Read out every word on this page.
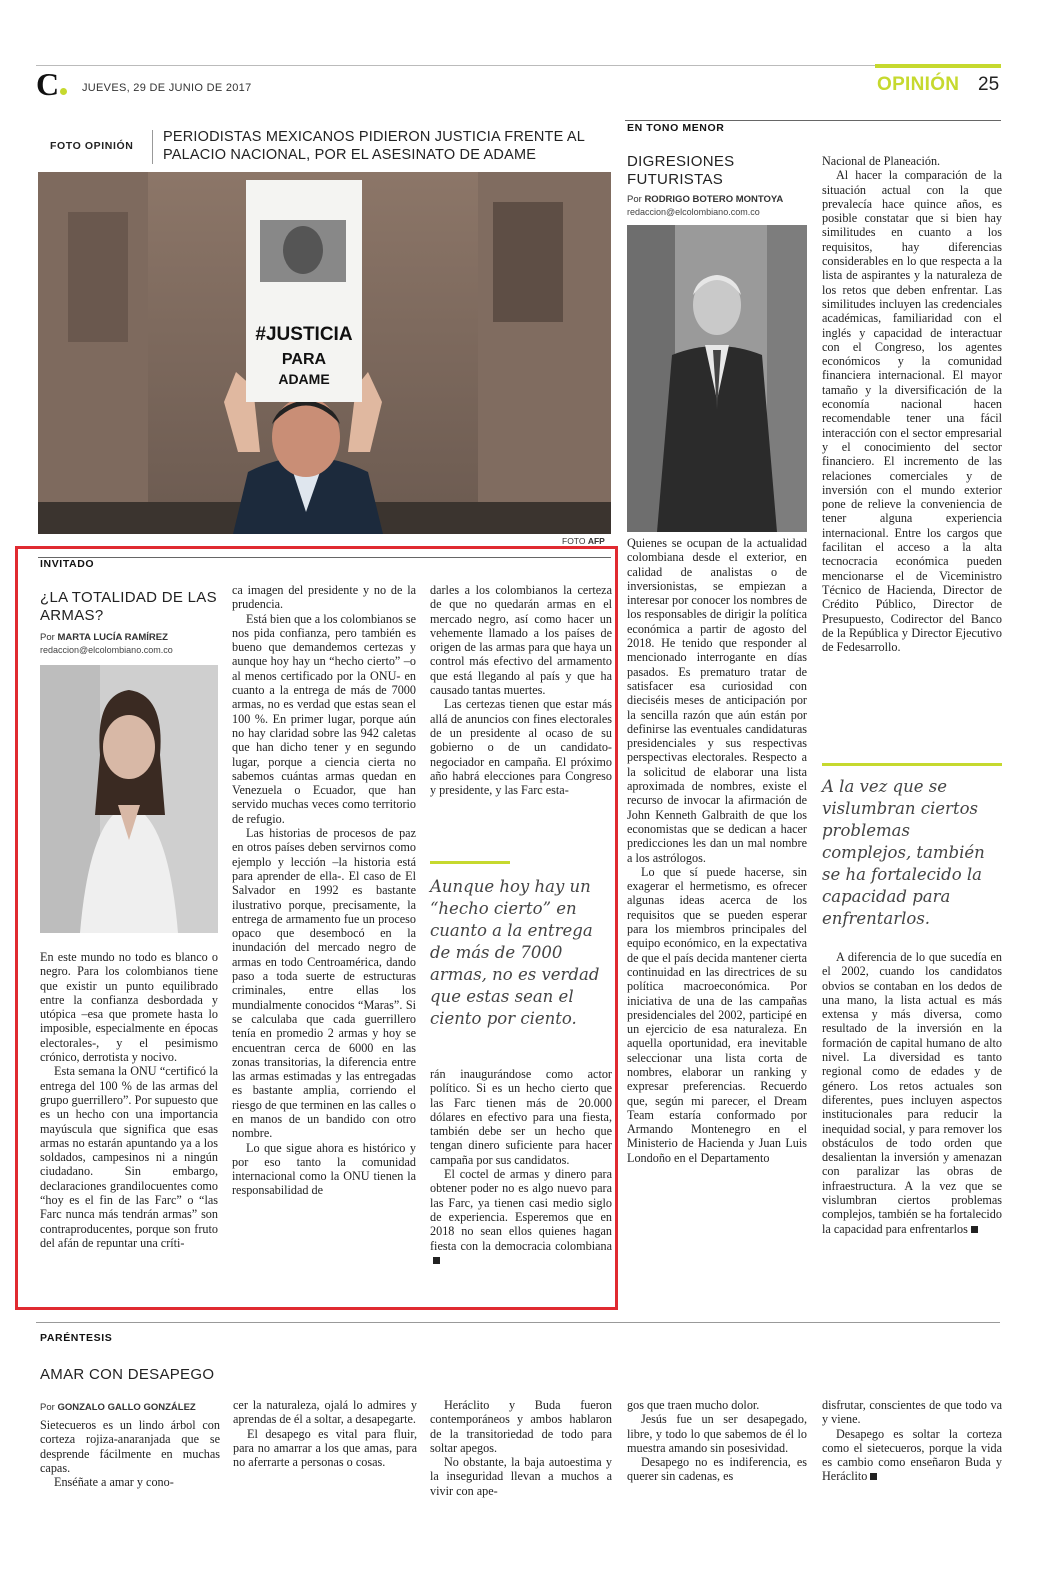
C JUEVES, 29 DE JUNIO DE 2017	OPINIÓN 25
FOTO OPINIÓN
PERIODISTAS MEXICANOS PIDIERON JUSTICIA FRENTE AL PALACIO NACIONAL, POR EL ASESINATO DE ADAME
#JUSTICIA
PARA
ADAME
FOTO AFP
INVITADO
¿LA TOTALIDAD DE LAS ARMAS?
Por MARTA LUCÍA RAMÍREZ
redaccion@elcolombiano.com.co

En este mundo no todo es blanco o negro. Para los colombianos tiene que existir un punto equilibrado entre la confianza desbordada y utópica –esa que promete hasta lo imposible, especialmente en épocas electorales-, y el pesimismo crónico, derrotista y nocivo.

Esta semana la ONU “certificó la entrega del 100 % de las armas del grupo guerrillero”. Por supuesto que es un hecho con una importancia mayúscula que significa que esas armas no estarán apuntando ya a los soldados, campesinos ni a ningún ciudadano. Sin embargo, declaraciones grandilocuentes como “hoy es el fin de las Farc” o “las Farc nunca más tendrán armas” son contraproducentes, porque son fruto del afán de repuntar una críti-

ca imagen del presidente y no de la prudencia.

Está bien que a los colombianos se nos pida confianza, pero también es bueno que demandemos certezas y aunque hoy hay un “hecho cierto” –o al menos certificado por la ONU- en cuanto a la entrega de más de 7000 armas, no es verdad que estas sean el 100 %. En primer lugar, porque aún no hay claridad sobre las 942 caletas que han dicho tener y en segundo lugar, porque a ciencia cierta no sabemos cuántas armas quedan en Venezuela o Ecuador, que han servido muchas veces como territorio de refugio.

Las historias de procesos de paz en otros países deben servirnos como ejemplo y lección –la historia está para aprender de ella-. El caso de El Salvador en 1992 es bastante ilustrativo porque, precisamente, la entrega de armamento fue un proceso opaco que desembocó en la inundación del mercado negro de armas en todo Centroamérica, dando paso a toda suerte de estructuras criminales, entre ellas los mundialmente conocidos “Maras”. Si se calculaba que cada guerrillero tenía en promedio 2 armas y hoy se encuentran cerca de 6000 en las zonas transitorias, la diferencia entre las armas estimadas y las entregadas es bastante amplia, corriendo el riesgo de que terminen en las calles o en manos de un bandido con otro nombre.

Lo que sigue ahora es histórico y por eso tanto la comunidad internacional como la ONU tienen la responsabilidad de

darles a los colombianos la certeza de que no quedarán armas en el mercado negro, así como hacer un vehemente llamado a los países de origen de las armas para que haya un control más efectivo del armamento que está llegando al país y que ha causado tantas muertes.

Las certezas tienen que estar más allá de anuncios con fines electorales de un presidente al ocaso de su gobierno o de un candidato-negociador en campaña. El próximo año habrá elecciones para Congreso y presidente, y las Farc esta-

Aunque hoy hay un “hecho cierto” en cuanto a la entrega de más de 7000 armas, no es verdad que estas sean el ciento por ciento.

rán inaugurándose como actor político. Si es un hecho cierto que las Farc tienen más de 20.000 dólares en efectivo para una fiesta, también debe ser un hecho que tengan dinero suficiente para hacer campaña por sus candidatos.

El coctel de armas y dinero para obtener poder no es algo nuevo para las Farc, ya tienen casi medio siglo de experiencia. Esperemos que en 2018 no sean ellos quienes hagan fiesta con la democracia colombiana

EN TONO MENOR
DIGRESIONES FUTURISTAS
Por RODRIGO BOTERO MONTOYA
redaccion@elcolombiano.com.co

Quienes se ocupan de la actualidad colombiana desde el exterior, en calidad de analistas o de inversionistas, se empiezan a interesar por conocer los nombres de los responsables de dirigir la política económica a partir de agosto del 2018. He tenido que responder al mencionado interrogante en días pasados. Es prematuro tratar de satisfacer esa curiosidad con dieciséis meses de anticipación por la sencilla razón que aún están por definirse las eventuales candidaturas presidenciales y sus respectivas perspectivas electorales. Respecto a la solicitud de elaborar una lista aproximada de nombres, existe el recurso de invocar la afirmación de John Kenneth Galbraith de que los economistas que se dedican a hacer predicciones les dan un mal nombre a los astrólogos.

Lo que sí puede hacerse, sin exagerar el hermetismo, es ofrecer algunas ideas acerca de los requisitos que se pueden esperar para los miembros principales del equipo económico, en la expectativa de que el país decida mantener cierta continuidad en las directrices de su política macroeconómica. Por iniciativa de una de las campañas presidenciales del 2002, participé en un ejercicio de esa naturaleza. En aquella oportunidad, era inevitable seleccionar una lista corta de nombres, elaborar un ranking y expresar preferencias. Recuerdo que, según mi parecer, el Dream Team estaría conformado por Armando Montenegro en el Ministerio de Hacienda y Juan Luis Londoño en el Departamento

Nacional de Planeación.

Al hacer la comparación de la situación actual con la que prevalecía hace quince años, es posible constatar que si bien hay similitudes en cuanto a los requisitos, hay diferencias considerables en lo que respecta a la lista de aspirantes y la naturaleza de los retos que deben enfrentar. Las similitudes incluyen las credenciales académicas, familiaridad con el inglés y capacidad de interactuar con el Congreso, los agentes económicos y la comunidad financiera internacional. El mayor tamaño y la diversificación de la economía nacional hacen recomendable tener una fácil interacción con el sector empresarial y el conocimiento del sector financiero. El incremento de las relaciones comerciales y de inversión con el mundo exterior pone de relieve la conveniencia de tener alguna experiencia internacional. Entre los cargos que facilitan el acceso a la alta tecnocracia económica pueden mencionarse el de Viceministro Técnico de Hacienda, Director de Crédito Público, Director de Presupuesto, Codirector del Banco de la República y Director Ejecutivo de Fedesarrollo.

A la vez que se vislumbran ciertos problemas complejos, también se ha fortalecido la capacidad para enfrentarlos.

A diferencia de lo que sucedía en el 2002, cuando los candidatos obvios se contaban en los dedos de una mano, la lista actual es más extensa y más diversa, como resultado de la inversión en la formación de capital humano de alto nivel. La diversidad es tanto regional como de edades y de género. Los retos actuales son diferentes, pues incluyen aspectos institucionales para reducir la inequidad social, y para remover los obstáculos de todo orden que desalientan la inversión y amenazan con paralizar las obras de infraestructura. A la vez que se vislumbran ciertos problemas complejos, también se ha fortalecido la capacidad para enfrentarlos

PARÉNTESIS
AMAR CON DESAPEGO
Por GONZALO GALLO GONZÁLEZ

Sietecueros es un lindo árbol con corteza rojiza-anaranjada que se desprende fácilmente en muchas capas.

Enséñate a amar y cono-

cer la naturaleza, ojalá lo admires y aprendas de él a soltar, a desapegarte.

El desapego es vital para fluir, para no amarrar a los que amas, para no aferrarte a personas o cosas.

Heráclito y Buda fueron contemporáneos y ambos hablaron de la transitoriedad de todo para soltar apegos.

No obstante, la baja autoestima y la inseguridad llevan a muchos a vivir con ape-

gos que traen mucho dolor.

Jesús fue un ser desapegado, libre, y todo lo que sabemos de él lo muestra amando sin posesividad.

Desapego no es indiferencia, es querer sin cadenas, es

disfrutar, conscientes de que todo va y viene.

Desapego es soltar la corteza como el sietecueros, porque la vida es cambio como enseñaron Buda y Heráclito
